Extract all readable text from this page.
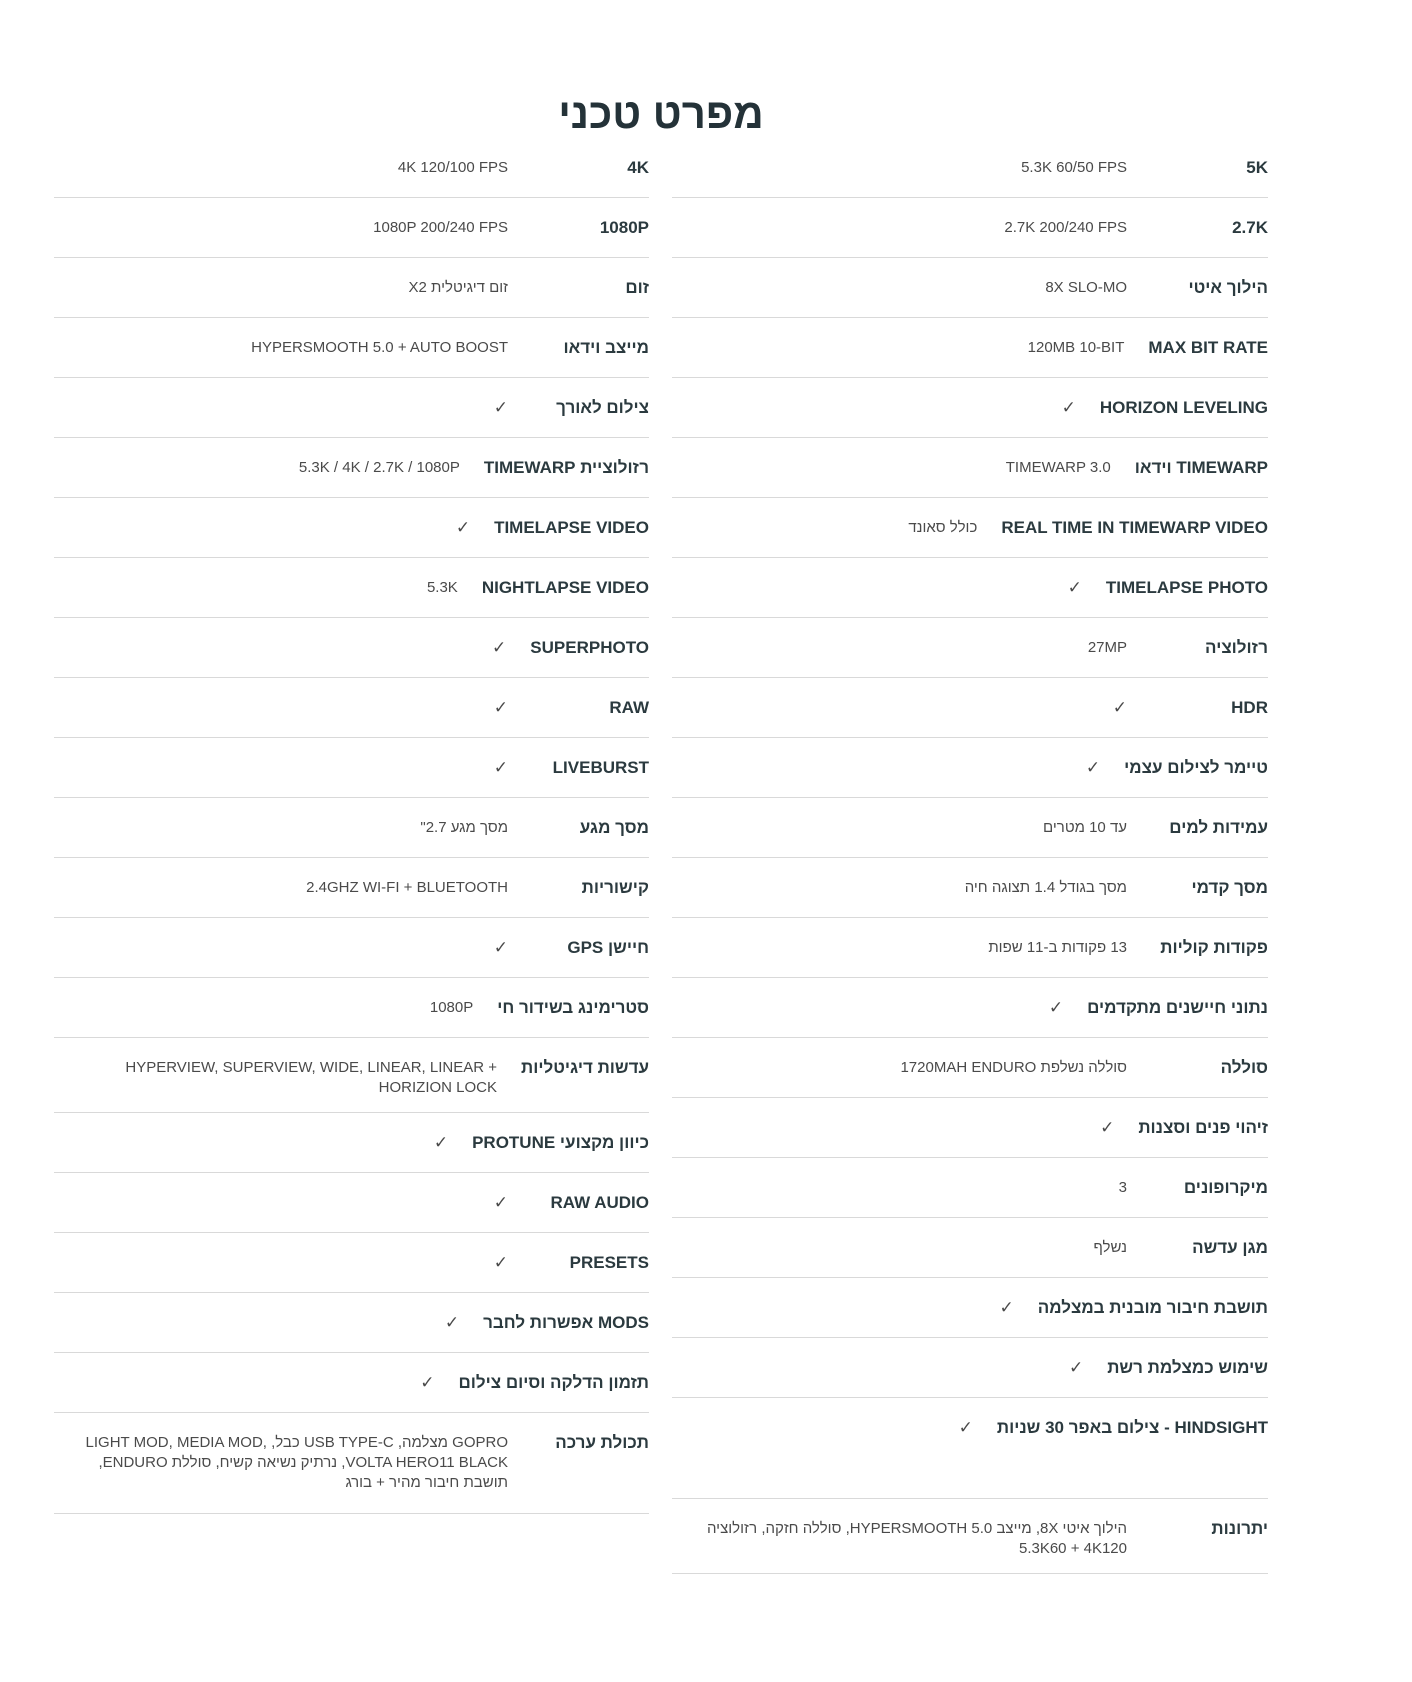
מפרט טכני
5K
5.3K 60/50 FPS
2.7K
2.7K 200/240 FPS
הילוך איטי
8X SLO-MO
MAX BIT RATE
120MB 10-BIT
HORIZON LEVELING
✓
TIMEWARP וידאו
TIMEWARP 3.0
REAL TIME IN TIMEWARP VIDEO
כולל סאונד
TIMELAPSE PHOTO
✓
רזולוציה
27MP
HDR
✓
טיימר לצילום עצמי
✓
עמידות למים
עד 10 מטרים
מסך קדמי
מסך בגודל 1.4 תצוגה חיה
פקודות קוליות
13 פקודות ב-11 שפות
נתוני חיישנים מתקדמים
✓
סוללה
סוללה נשלפת 1720MAH ENDURO
זיהוי פנים וסצנות
✓
מיקרופונים
3
מגן עדשה
נשלף
תושבת חיבור מובנית במצלמה
✓
שימוש כמצלמת רשת
✓
HINDSIGHT - צילום באפר 30 שניות
✓
יתרונות
הילוך איטי 8X, מייצב HYPERSMOOTH 5.0, סוללה חזקה, רזולוציה 5.3K60 + 4K120
4K
4K 120/100 FPS
1080P
1080P 200/240 FPS
זום
זום דיגיטלית X2
מייצב וידאו
HYPERSMOOTH 5.0 + AUTO BOOST
צילום לאורך
✓
רזולוציית TIMEWARP
5.3K / 4K / 2.7K / 1080P
TIMELAPSE VIDEO
✓
NIGHTLAPSE VIDEO
5.3K
SUPERPHOTO
✓
RAW
✓
LIVEBURST
✓
מסך מגע
מסך מגע 2.7"
קישוריות
2.4GHZ WI-FI + BLUETOOTH
חיישן GPS
✓
סטרימינג בשידור חי
1080P
עדשות דיגיטליות
HYPERVIEW, SUPERVIEW, WIDE, LINEAR, LINEAR + HORIZION LOCK
כיוון מקצועי PROTUNE
✓
RAW AUDIO
✓
PRESETS
✓
MODS אפשרות לחבר
✓
תזמון הדלקה וסיום צילום
✓
תכולת ערכה
GOPRO מצלמה, USB TYPE-C כבל, LIGHT MOD, MEDIA MOD, VOLTA HERO11 BLACK, נרתיק נשיאה קשיח, סוללת ENDURO, תושבת חיבור מהיר + בורג
